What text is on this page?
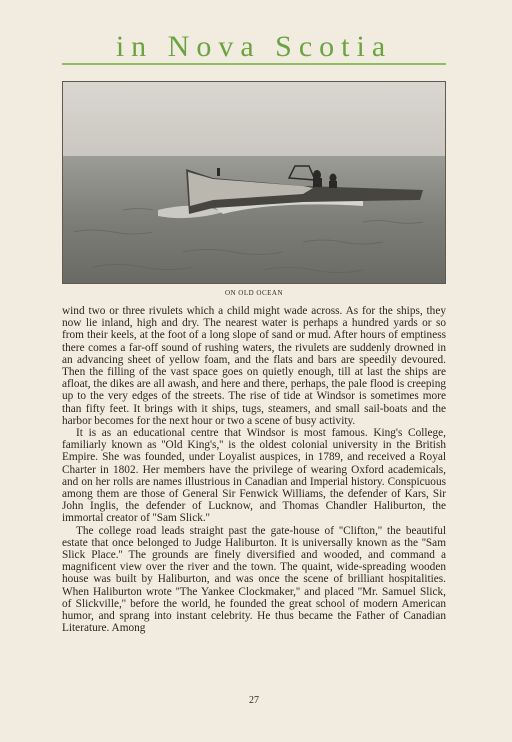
in Nova Scotia
ON OLD OCEAN

wind two or three rivulets which a child might wade across. As for the ships, they now lie inland, high and dry. The nearest water is perhaps a hundred yards or so from their keels, at the foot of a long slope of sand or mud. After hours of emptiness there comes a far-off sound of rushing waters, the rivulets are suddenly drowned in an advancing sheet of yellow foam, and the flats and bars are speedily devoured. Then the filling of the vast space goes on quietly enough, till at last the ships are afloat, the dikes are all awash, and here and there, perhaps, the pale flood is creeping up to the very edges of the streets. The rise of tide at Windsor is sometimes more than fifty feet. It brings with it ships, tugs, steamers, and small sail-boats and the harbor becomes for the next hour or two a scene of busy activity.

It is as an educational centre that Windsor is most famous. King's College, familiarly known as ''Old King's,'' is the oldest colonial university in the British Empire. She was founded, under Loyalist auspices, in 1789, and received a Royal Charter in 1802. Her members have the privilege of wearing Oxford academicals, and on her rolls are names illustrious in Canadian and Imperial history. Conspicuous among them are those of General Sir Fenwick Williams, the defender of Kars, Sir John Inglis, the defender of Lucknow, and Thomas Chandler Haliburton, the immortal creator of ''Sam Slick.''

The college road leads straight past the gate-house of ''Clifton,'' the beautiful estate that once belonged to Judge Haliburton. It is universally known as the ''Sam Slick Place.'' The grounds are finely diversified and wooded, and command a magnificent view over the river and the town. The quaint, wide-spreading wooden house was built by Haliburton, and was once the scene of brilliant hospitalities. When Haliburton wrote ''The Yankee Clockmaker,'' and placed ''Mr. Samuel Slick, of Slickville,'' before the world, he founded the great school of modern American humor, and sprang into instant celebrity. He thus became the Father of Canadian Literature. Among

27
